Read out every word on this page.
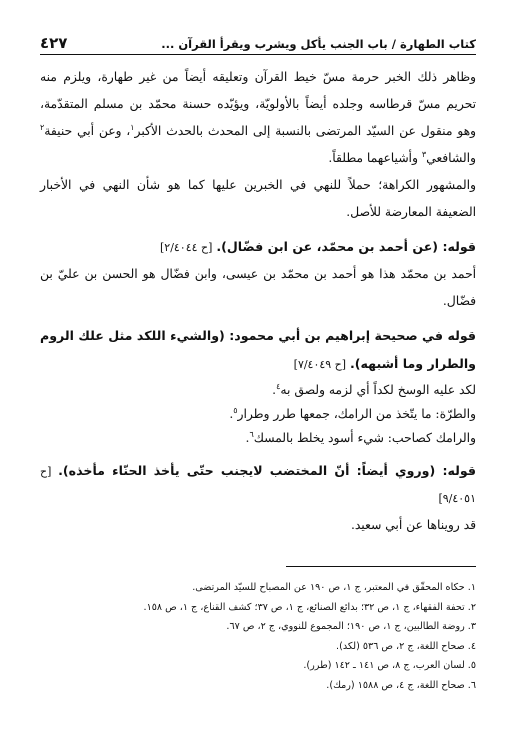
كتاب الطهارة / باب الجنب يأكل ويشرب ويقرأ القرآن ...
٤٢٧

وظاهر ذلك الخبر حرمة مسّ خيط القرآن وتعليقه أيضاً من غير طهارة، ويلزم منه تحريم مسّ قرطاسه وجلده أيضاً بالأولويّة، ويؤيّده حسنة محمّد بن مسلم المتقدّمة، وهو منقول عن السيّد المرتضى بالنسبة إلى المحدث بالحدث الأكبر$^١$، وعن أبي حنيفة$^٢$ والشافعي$^٣$ وأشياعهما مطلقاً.

والمشهور الكراهة؛ حملاً للنهي في الخبرين عليها كما هو شأن النهي في الأخبار الضعيفة المعارضة للأصل.

قوله: (عن أحمد بن محمّد، عن ابن فضّال). [ح ٢/٤٠٤٤]

أحمد بن محمّد هذا هو أحمد بن محمّد بن عيسى، وابن فضّال هو الحسن بن عليّ بن فضّال.

قوله في صحيحة إبراهيم بن أبي محمود: (والشيء اللكد مثل علك الروم والطرار وما أشبهه). [ح ٧/٤٠٤٩]

لكد عليه الوسخ لكداً أي لزمه ولصق به$^٤$.

والطرّة: ما يتّخذ من الرامك، جمعها طرر وطرار$^٥$.

والرامك كصاحب: شيء أسود يخلط بالمسك$^٦$.

قوله: (وروي أيضاً: أنّ المختضب لايجنب حتّى يأخذ الحنّاء مأخذه). [ح ٩/٤٠٥١]

قد رويناها عن أبي سعيد.

١. حكاه المحقّق في المعتبر، ج ١، ص ١٩٠ عن المصباح للسيّد المرتضى.

٢. تحفة الفقهاء، ج ١، ص ٣٢؛ بدائع الصنائع، ج ١، ص ٣٧؛ كشف القناع، ج ١، ص ١٥٨.

٣. روضة الطالبين، ج ١، ص ١٩٠؛ المجموع للنووي، ج ٢، ص ٦٧.

٤. صحاح اللغة، ج ٢، ص ٥٣٦ (لكد).

٥. لسان العرب، ج ٨، ص ١٤١ ـ ١٤٢ (طرر).

٦. صحاح اللغة، ج ٤، ص ١٥٨٨ (رمك).
